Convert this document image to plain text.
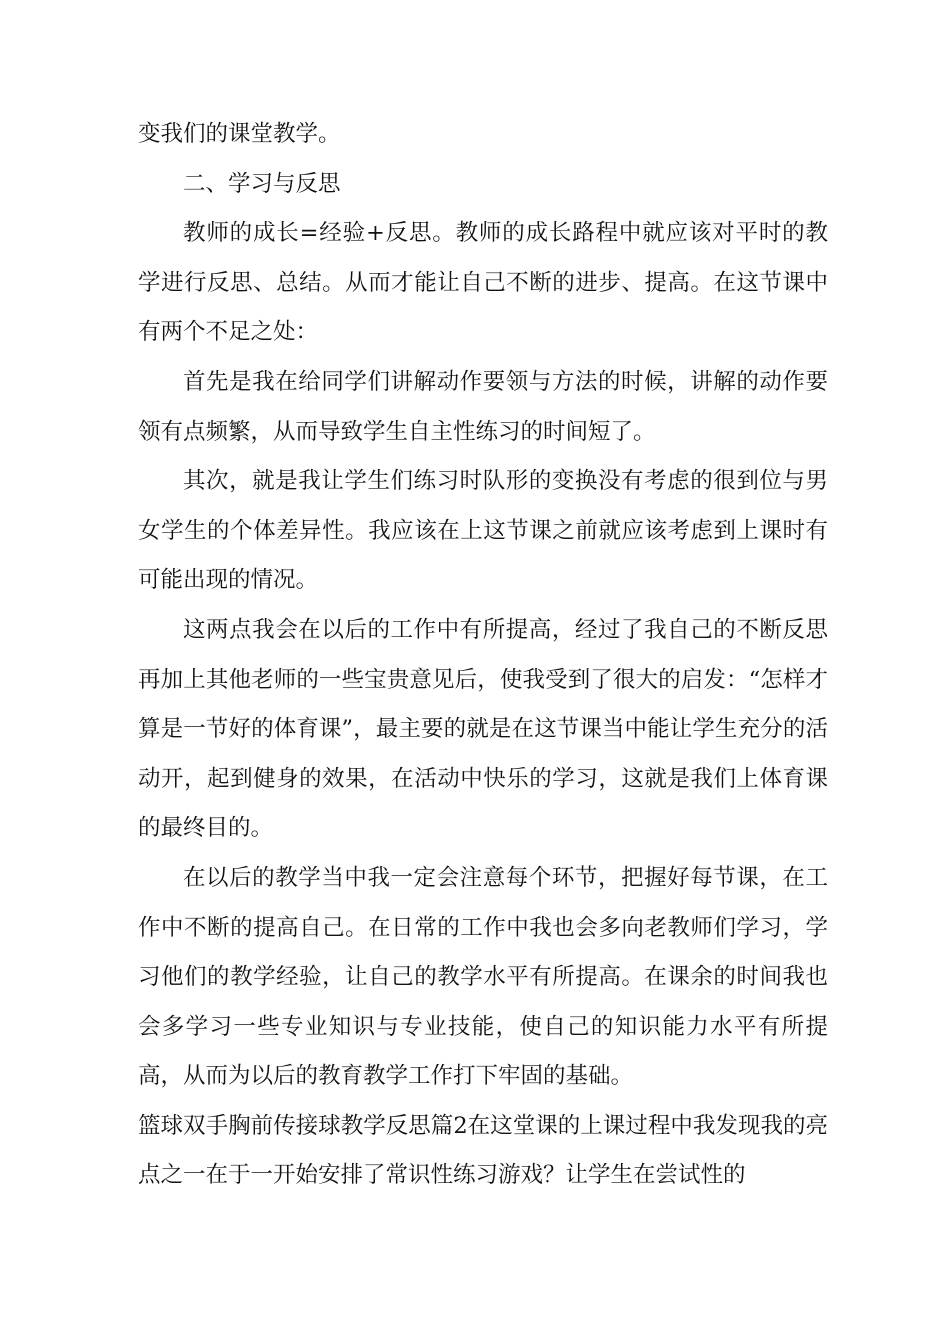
变我们的课堂教学。

二、学习与反思

教师的成长=经验+反思。教师的成长路程中就应该对平时的教学进行反思、总结。从而才能让自己不断的进步、提高。在这节课中有两个不足之处：

首先是我在给同学们讲解动作要领与方法的时候，讲解的动作要领有点频繁，从而导致学生自主性练习的时间短了。

其次，就是我让学生们练习时队形的变换没有考虑的很到位与男女学生的个体差异性。我应该在上这节课之前就应该考虑到上课时有可能出现的情况。

这两点我会在以后的工作中有所提高，经过了我自己的不断反思再加上其他老师的一些宝贵意见后，使我受到了很大的启发：“怎样才算是一节好的体育课”，最主要的就是在这节课当中能让学生充分的活动开，起到健身的效果，在活动中快乐的学习，这就是我们上体育课的最终目的。

在以后的教学当中我一定会注意每个环节，把握好每节课，在工作中不断的提高自己。在日常的工作中我也会多向老教师们学习，学习他们的教学经验，让自己的教学水平有所提高。在课余的时间我也会多学习一些专业知识与专业技能，使自己的知识能力水平有所提高，从而为以后的教育教学工作打下牢固的基础。

篮球双手胸前传接球教学反思篇2在这堂课的上课过程中我发现我的亮点之一在于一开始安排了常识性练习游戏？让学生在尝试性的
